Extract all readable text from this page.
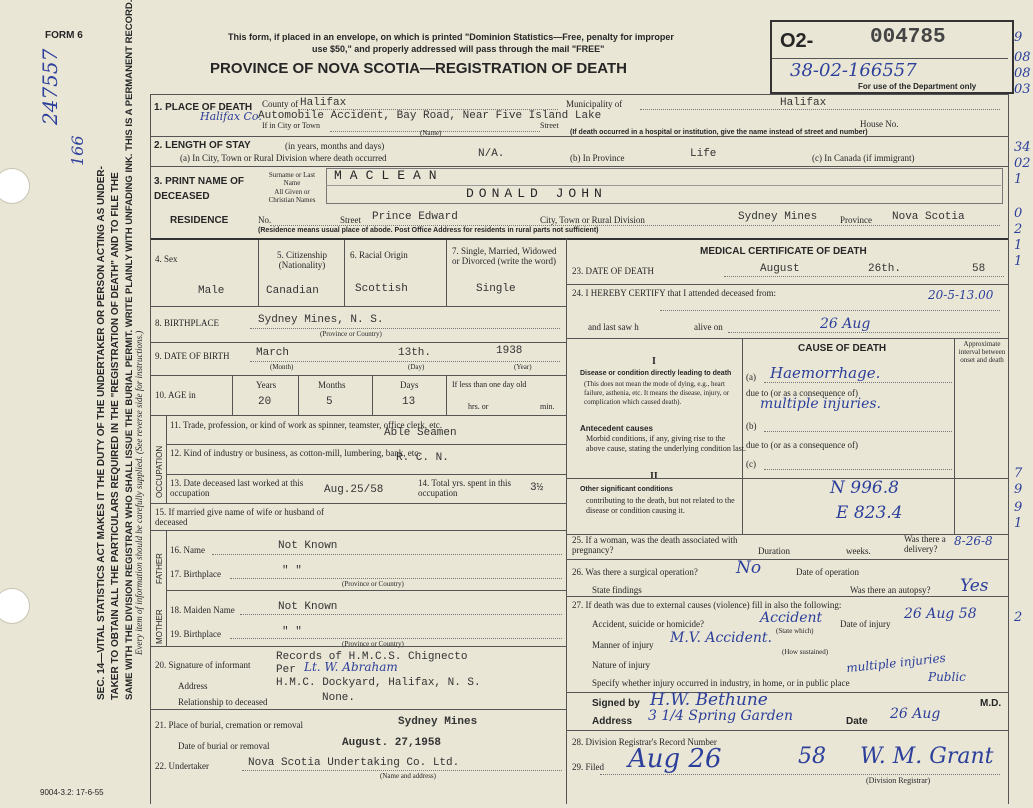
FORM 6	This form, if placed in an envelope, on which is printed "Dominion Statistics—Free, penalty for improper
use $50," and properly addressed will pass through the mail "FREE"
PROVINCE OF NOVA SCOTIA—REGISTRATION OF DEATH
O2-	004785
38-02-166557
For use of the Department only
247557
166
SEC. 14—VITAL STATISTICS ACT MAKES IT THE DUTY OF THE UNDERTAKER OR PERSON ACTING AS UNDER- TAKER TO OBTAIN ALL THE PARTICULARS REQUIRED IN THE "REGISTRATION OF DEATH" AND TO FILE THE SAME WITH THE DIVISION REGISTRAR WHO SHALL ISSUE THE BURIAL PERMIT. WRITE PLAINLY WITH UNFADING INK. THIS IS A PERMANENT RECORD. Every item of information should be carefully supplied. (See reverse side for instructions.)
1. PLACE OF DEATH County of Halifax	Municipality of	Halifax
Halifax Co.
If in City or Town
Automobile Accident, Bay Road, Near Five Island Lake
Street	House No.
(Name)	(If death occurred in a hospital or institution, give the name instead of street and number)
2. LENGTH OF STAY	(in years, months and days)
(a) In City, Town or Rural Division where death occurred	N/A.	(b) In Province	Life	(c) In Canada (if immigrant)
3. PRINT NAME OF DECEASED
Surname or Last Name
All Given or Christian Names
MACLEAN
DONALD JOHN
RESIDENCE	No.	Street Prince Edward	City, Town or Rural Division	Sydney Mines	Province Nova Scotia
(Residence means usual place of abode. Post Office Address for residents in rural parts not sufficient)
4. Sex	5. Citizenship (Nationality)
6. Racial Origin	7. Single, Married, Widowed or Divorced (write the word)
Male	Canadian	Scottish	Single
8. BIRTHPLACE	Sydney Mines, N. S.
(Province or Country)
9. DATE OF BIRTH March	13th.	1938
(Month)	(Day)	(Year)
10. AGE in
Years	Months	Days
20	5	13
If less than one day old
hrs. or	min.
OCCUPATION
11. Trade, profession, or kind of work as spinner, teamster, office clerk, etc.
Able Seamen
12. Kind of industry or business, as cotton-mill, lumbering, bank, etc.
R. C. N.
13. Date deceased last worked at this occupation	Aug.25/58
14. Total yrs. spent in this occupation	3½
15. If married give name of wife or husband of deceased
FATHER
MOTHER
16. Name	Not Known
17. Birthplace	" "
(Province or Country)
18. Maiden Name	Not Known
19. Birthplace	" "
(Province or Country)
20. Signature of informant
Records of H.M.C.S. Chignecto
Per Lt. W. Abraham
Address	H.M.C. Dockyard, Halifax, N. S.
Relationship to deceased	None.
21. Place of burial, cremation or removal	Sydney Mines
Date of burial or removal	August. 27,1958
22. Undertaker	Nova Scotia Undertaking Co. Ltd.
(Name and address)
MEDICAL CERTIFICATE OF DEATH
23. DATE OF DEATH	August	26th.	58
24. I HEREBY CERTIFY that I attended deceased from:	20-5-13.00
and last saw h	alive on	26 Aug
CAUSE OF DEATH	Approximate interval between onset and death
I
Disease or condition directly leading to death
(This does not mean the mode of dying, e.g., heart failure, asthenia, etc. It means the disease, injury, or complication which caused death).
(a) Haemorrhage.
due to (or as a consequence of)
multiple injuries.
Antecedent causes
Morbid conditions, if any, giving rise to the above cause, stating the underlying condition last.
(b)
due to (or as a consequence of)
(c)
II
Other significant conditions
contributing to the death, but not related to the disease or condition causing it.
N 996.8
E 823.4
25. If a woman, was the death associated with pregnancy?	Duration	weeks.
Was there a delivery?
8-26-8
26. Was there a surgical operation? No	Date of operation
State findings	Was there an autopsy? Yes
27. If death was due to external causes (violence) fill in also the following:
Accident, suicide or homicide?	Accident
(State which)
Date of injury
26 Aug 58
Manner of injury M.V. Accident.
(How sustained)
Nature of injury	multiple injuries
Specify whether injury occurred in industry, in home, or in public place	Public
Signed by H.W. Bethune	M.D.
Address 3 1/4 Spring Garden	Date 26 Aug
28. Division Registrar's Record Number
29. Filed Aug 26	58 W. M. Grant
(Division Registrar)
9
08
08
03
34
02
1
0
2
1
1
7
9
9
1
2
9004-3.2: 17-6-55
